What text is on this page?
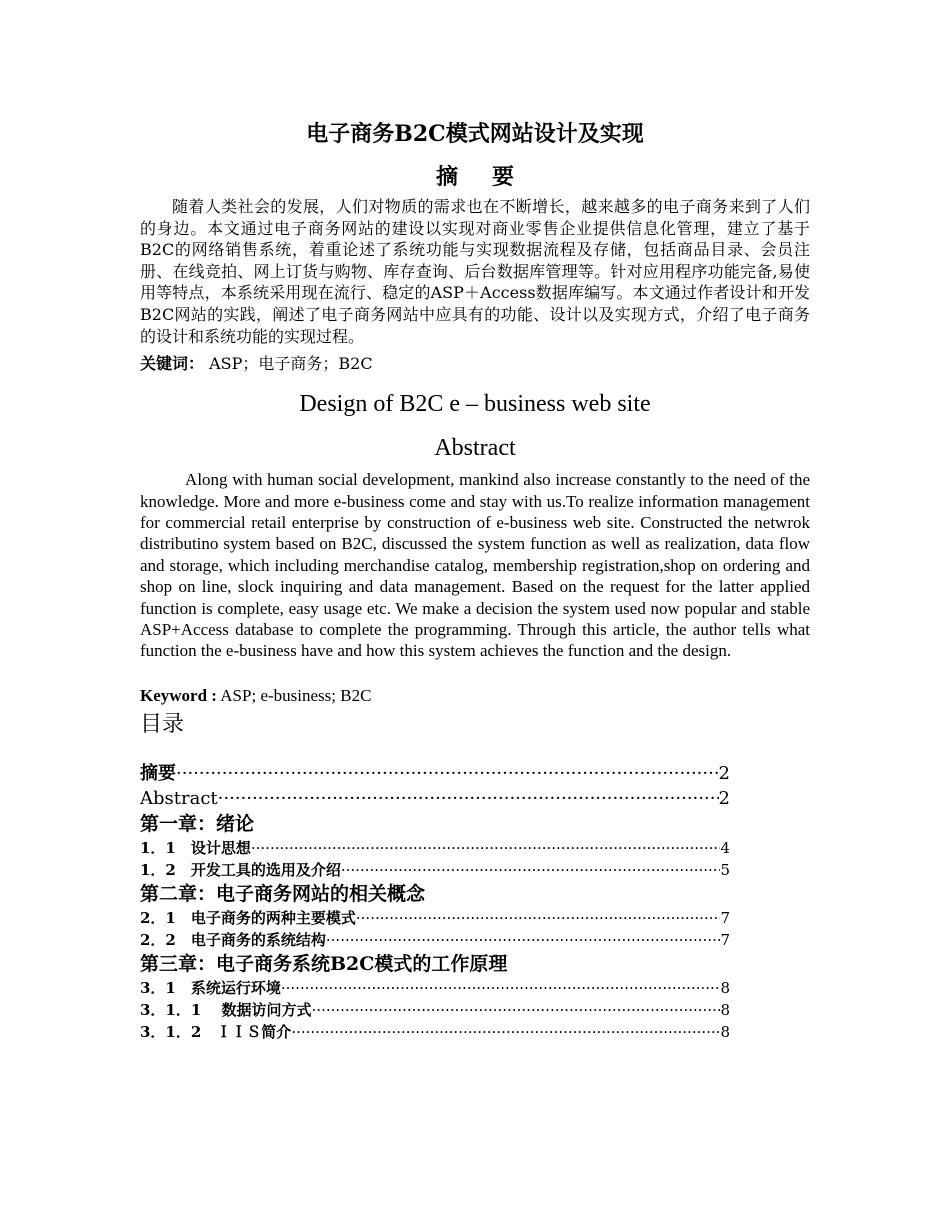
电子商务B2C模式网站设计及实现
摘 要

随着人类社会的发展，人们对物质的需求也在不断增长，越来越多的电子商务来到了人们的身边。本文通过电子商务网站的建设以实现对商业零售企业提供信息化管理，建立了基于B2C的网络销售系统，着重论述了系统功能与实现数据流程及存储，包括商品目录、会员注册、在线竞拍、网上订货与购物、库存查询、后台数据库管理等。针对应用程序功能完备,易使用等特点，本系统采用现在流行、稳定的ASP＋Access数据库编写。本文通过作者设计和开发B2C网站的实践，阐述了电子商务网站中应具有的功能、设计以及实现方式，介绍了电子商务的设计和系统功能的实现过程。

关键词： ASP；电子商务；B2C

Design of B2C e – business web site
Abstract

Along with human social development, mankind also increase constantly to the need of the knowledge. More and more e-business come and stay with us.To realize information management for commercial retail enterprise by construction of e-business web site. Constructed the netwrok distributino system based on B2C, discussed the system function as well as realization, data flow and storage, which including merchandise catalog, membership registration,shop on ordering and shop on line, slock inquiring and data management. Based on the request for the latter applied function is complete, easy usage etc. We make a decision the system used now popular and stable ASP+Access database to complete the programming. Through this article, the author tells what function the e-business have and how this system achieves the function and the design.

Keyword : ASP; e-business; B2C

目录
摘要 ·····	2
Abstract ·····	2
第一章：绪论
1．1　设计思想 ·····	4
1．2　开发工具的选用及介绍 ·····	5
第二章：电子商务网站的相关概念
2．1　电子商务的两种主要模式 ·····	7
2．2　电子商务的系统结构 ·····	7
第三章：电子商务系统B2C模式的工作原理
3．1　系统运行环境 ·····	8
3．1．1　 数据访问方式 ·····	8
3．1．2　ＩＩＳ简介 ·····	8
